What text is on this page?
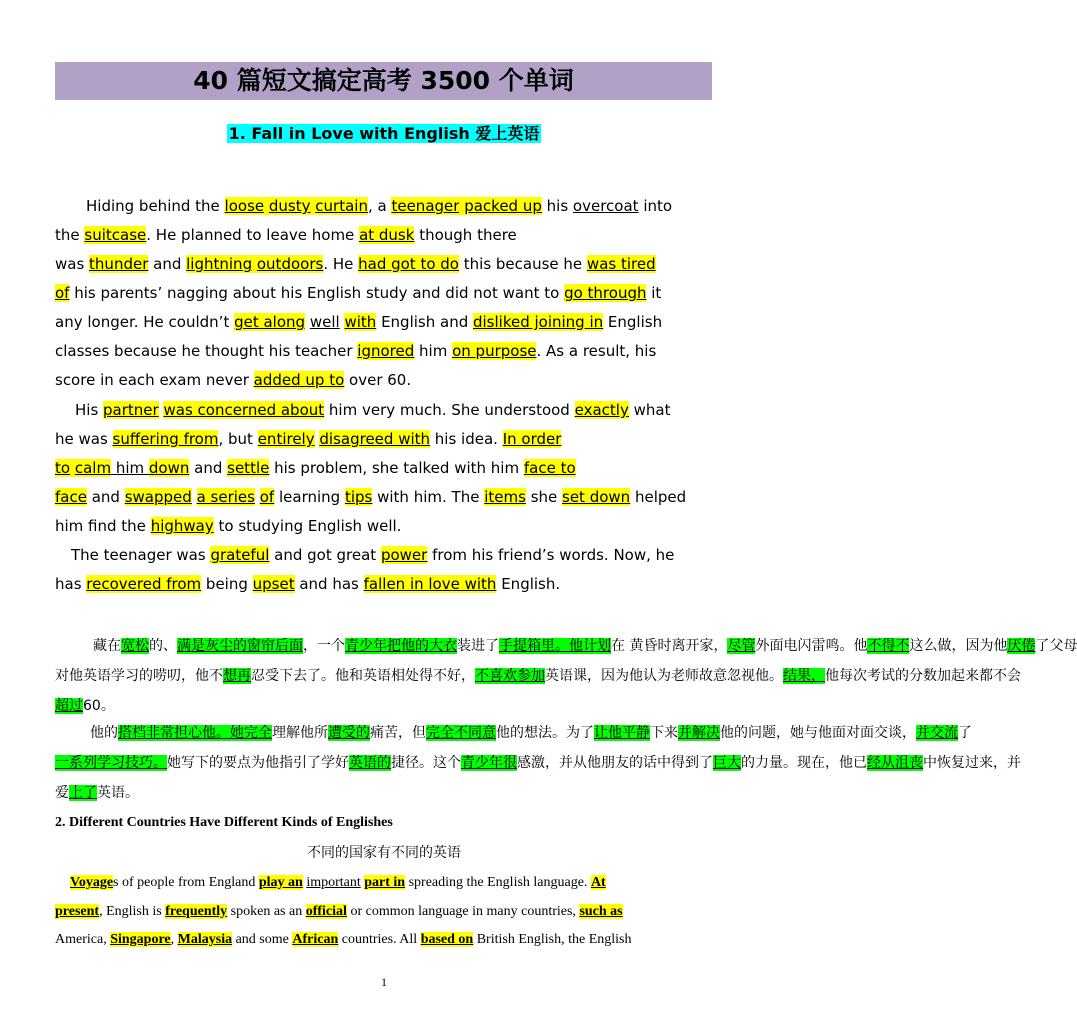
40 篇短文搞定高考 3500 个单词
1. Fall in Love with English 爱上英语
Hiding behind the loose dusty curtain, a teenager packed up his overcoat into
the suitcase. He planned to leave home at dusk though there
was thunder and lightning outdoors. He had got to do this because he was tired
of his parents’ nagging about his English study and did not want to go through it
any longer. He couldn’t get along well with English and disliked joining in English
classes because he thought his teacher ignored him on purpose. As a result, his
score in each exam never added up to over 60.
His partner was concerned about him very much. She understood exactly what
he was suffering from, but entirely disagreed with his idea. In order
to calm him down and settle his problem, she talked with him face to
face and swapped a series of learning tips with him. The items she set down helped
him find the highway to studying English well.
The teenager was grateful and got great power from his friend’s words. Now, he
has recovered from being upset and has fallen in love with English.
藏在宽松的、满是灰尘的窗帘后面，一个青少年把他的大衣装进了手提箱里。他计划在 黄昏时离开家，尽管外面电闪雷鸣。他不得不这么做，因为他厌倦了父母
对他英语学习的唠叨，他不想再忍受下去了。他和英语相处得不好，不喜欢参加英语课，因为他认为老师故意忽视他。结果，他每次考试的分数加起来都不会
超过60。
他的搭档非常担心他。她完全理解他所遭受的痛苦，但完全不同意他的想法。为了让他平静下来并解决他的问题，她与他面对面交谈，并交流了
一系列学习技巧。她写下的要点为他指引了学好英语的捷径。这个青少年很感激，并从他朋友的话中得到了巨大的力量。现在，他已经从沮丧中恢复过来，并
爱上了英语。
2. Different Countries Have Different Kinds of Englishes
不同的国家有不同的英语
Voyages of people from England play an important part in spreading the English language. At
present, English is frequently spoken as an official or common language in many countries, such as
America, Singapore, Malaysia and some African countries. All based on British English, the English
1
